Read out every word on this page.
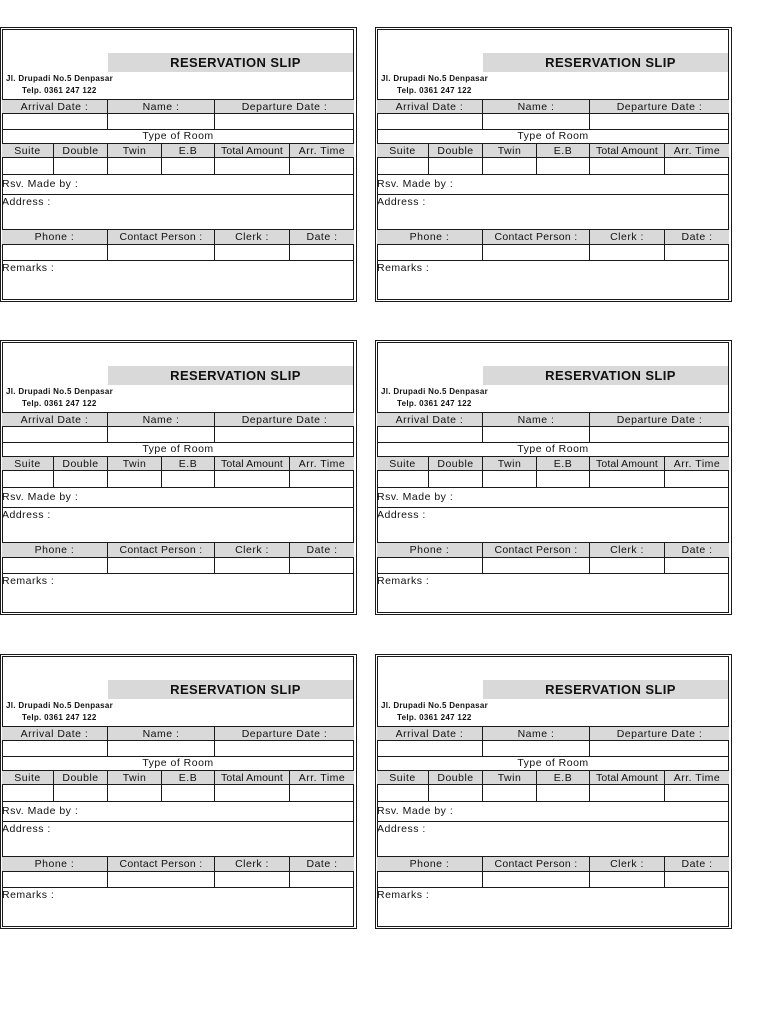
RESERVATION SLIP
Jl. Drupadi No.5 Denpasar
Telp. 0361 247 122
Arrival Date :	Name :	Departure Date :
Type of Room
Suite	Double	Twin	E.B	Total Amount	Arr. Time
Rsv. Made by :
Address :
Phone :	Contact Person :	Clerk :	Date :
Remarks :
RESERVATION SLIP
Jl. Drupadi No.5 Denpasar
Telp. 0361 247 122
Arrival Date :	Name :	Departure Date :
Type of Room
Suite	Double	Twin	E.B	Total Amount	Arr. Time
Rsv. Made by :
Address :
Phone :	Contact Person :	Clerk :	Date :
Remarks :
RESERVATION SLIP
Jl. Drupadi No.5 Denpasar
Telp. 0361 247 122
Arrival Date :	Name :	Departure Date :
Type of Room
Suite	Double	Twin	E.B	Total Amount	Arr. Time
Rsv. Made by :
Address :
Phone :	Contact Person :	Clerk :	Date :
Remarks :
RESERVATION SLIP
Jl. Drupadi No.5 Denpasar
Telp. 0361 247 122
Arrival Date :	Name :	Departure Date :
Type of Room
Suite	Double	Twin	E.B	Total Amount	Arr. Time
Rsv. Made by :
Address :
Phone :	Contact Person :	Clerk :	Date :
Remarks :
RESERVATION SLIP
Jl. Drupadi No.5 Denpasar
Telp. 0361 247 122
Arrival Date :	Name :	Departure Date :
Type of Room
Suite	Double	Twin	E.B	Total Amount	Arr. Time
Rsv. Made by :
Address :
Phone :	Contact Person :	Clerk :	Date :
Remarks :
RESERVATION SLIP
Jl. Drupadi No.5 Denpasar
Telp. 0361 247 122
Arrival Date :	Name :	Departure Date :
Type of Room
Suite	Double	Twin	E.B	Total Amount	Arr. Time
Rsv. Made by :
Address :
Phone :	Contact Person :	Clerk :	Date :
Remarks :
